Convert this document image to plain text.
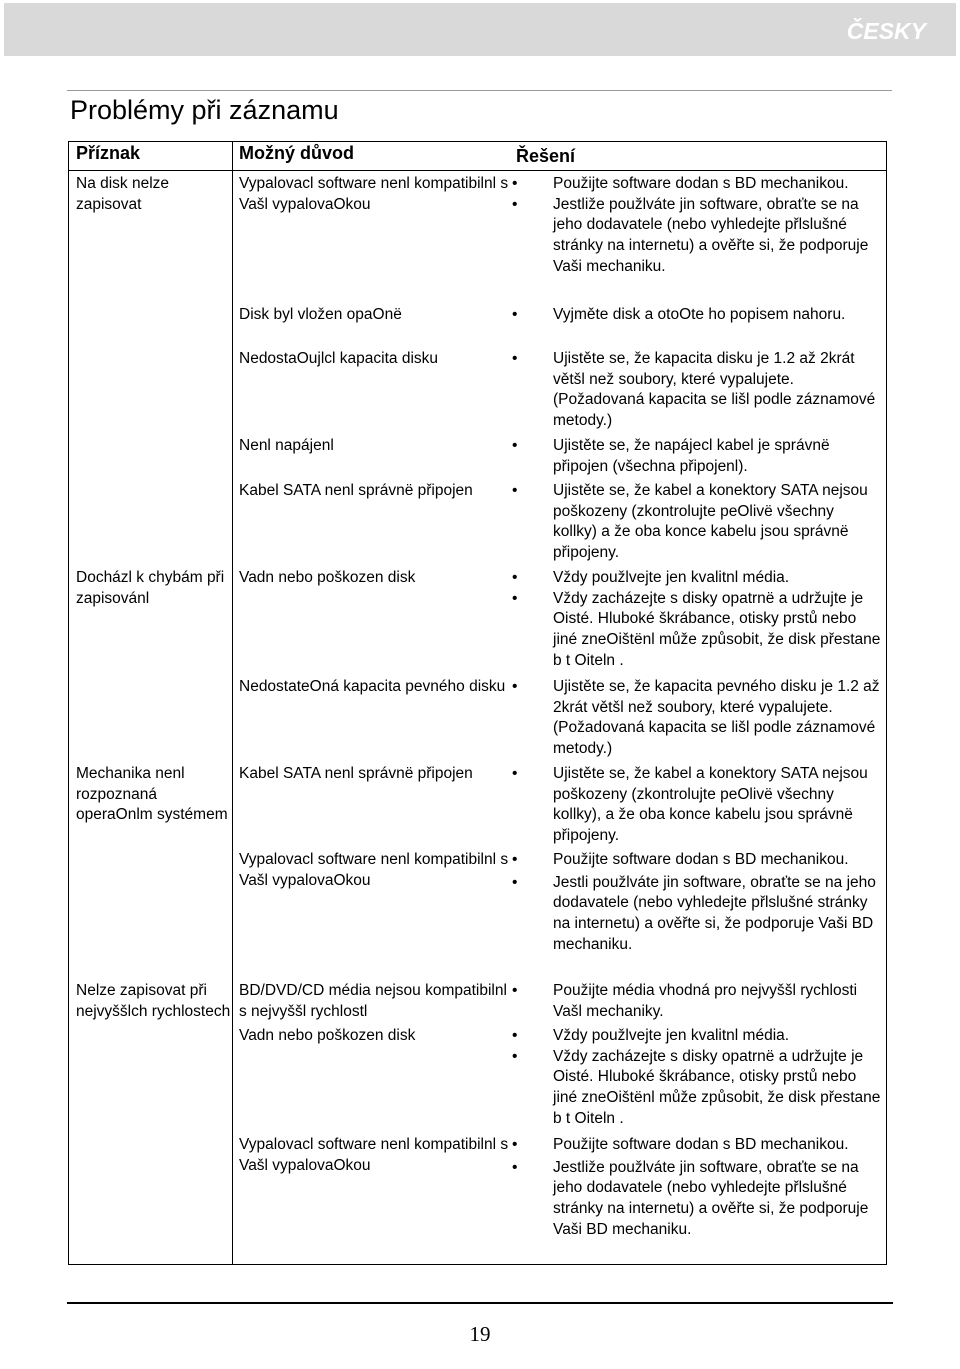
ČESKY
Problémy při záznamu
Příznak	Možný důvod	Řešení
Na disk nelze zapisovat
Docházl k chybám při zapisovánl
Mechanika nenl rozpoznaná operaOnlm systémem
Nelze zapisovat při nejvyššlch rychlostech
Vypalovacl software nenl kompatibilnl s Vašl vypalovaOkou
Disk byl vložen opaOnë
NedostaOujlcl kapacita disku
Nenl napájenl
Kabel SATA nenl správnë připojen
Vadn nebo poškozen disk
NedostateOná kapacita pevného disku
Kabel SATA nenl správnë připojen
Vypalovacl software nenl kompatibilnl s Vašl vypalovaOkou
BD/DVD/CD média nejsou kompatibilnl s nejvyššl rychlostl
Vadn nebo poškozen disk
Vypalovacl software nenl kompatibilnl s Vašl vypalovaOkou
• Použijte software dodan s BD mechanikou.
• Jestliže použlváte jin software, obraťte se na jeho dodavatele (nebo vyhledejte přlslušné stránky na internetu) a ověřte si, že podporuje Vaši mechaniku.
• Vyjměte disk a otoOte ho popisem nahoru.
• Ujistěte se, že kapacita disku je 1.2 až 2krát většl než soubory, které vypalujete. (Požadovaná kapacita se lišl podle záznamové metody.)
• Ujistěte se, že napájecl kabel je správnë připojen (všechna připojenl).
• Ujistěte se, že kabel a konektory SATA nejsou poškozeny (zkontrolujte peOlivë všechny kollky) a že oba konce kabelu jsou správnë připojeny.
• Vždy použlvejte jen kvalitnl média.
• Vždy zacházejte s disky opatrnë a udržujte je Oisté. Hluboké škrábance, otisky prstů nebo jiné zneOištënl může způsobit, že disk přestane b t Oiteln .
• Ujistěte se, že kapacita pevného disku je 1.2 až 2krát většl než soubory, které vypalujete. (Požadovaná kapacita se lišl podle záznamové metody.)
• Ujistěte se, že kabel a konektory SATA nejsou poškozeny (zkontrolujte peOlivë všechny kollky), a že oba konce kabelu jsou správnë připojeny.
• Použijte software dodan s BD mechanikou.
• Jestli použlváte jin software, obraťte se na jeho dodavatele (nebo vyhledejte přlslušné stránky na internetu) a ověřte si, že podporuje Vaši BD mechaniku.
• Použijte média vhodná pro nejvyššl rychlosti Vašl mechaniky.
• Vždy použlvejte jen kvalitnl média.
• Vždy zacházejte s disky opatrnë a udržujte je Oisté. Hluboké škrábance, otisky prstů nebo jiné zneOištënl může způsobit, že disk přestane b t Oiteln .
• Použijte software dodan s BD mechanikou.
• Jestliže použlváte jin software, obraťte se na jeho dodavatele (nebo vyhledejte přlslušné stránky na internetu) a ověřte si, že podporuje Vaši BD mechaniku.
19
